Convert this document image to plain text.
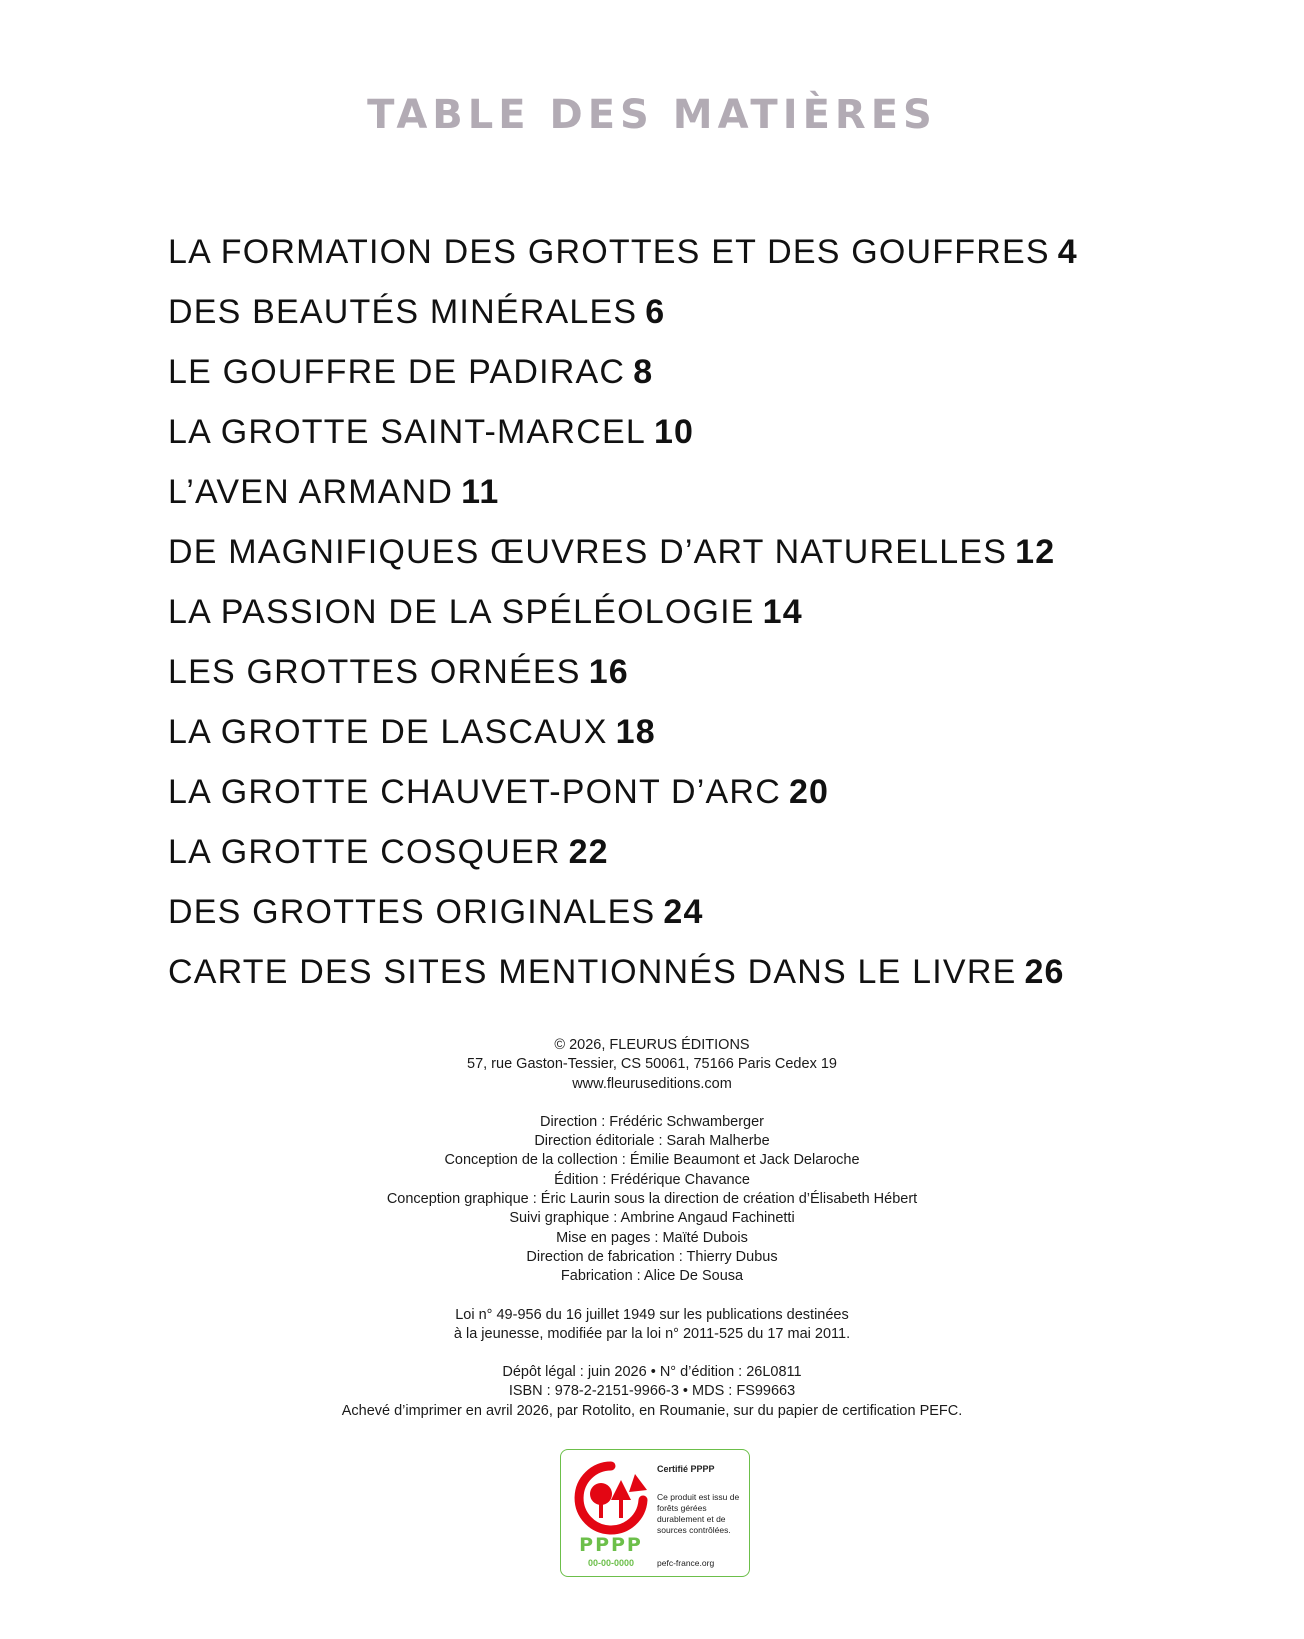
TABLE DES MATIÈRES
LA FORMATION DES GROTTES ET DES GOUFFRES 4
DES BEAUTÉS MINÉRALES 6
LE GOUFFRE DE PADIRAC 8
LA GROTTE SAINT-MARCEL 10
L’AVEN ARMAND 11
DE MAGNIFIQUES ŒUVRES D’ART NATURELLES 12
LA PASSION DE LA SPÉLÉOLOGIE 14
LES GROTTES ORNÉES 16
LA GROTTE DE LASCAUX 18
LA GROTTE CHAUVET-PONT D’ARC 20
LA GROTTE COSQUER 22
DES GROTTES ORIGINALES 24
CARTE DES SITES MENTIONNÉS DANS LE LIVRE 26

© 2026, FLEURUS ÉDITIONS
57, rue Gaston-Tessier, CS 50061, 75166 Paris Cedex 19
www.fleuruseditions.com

Direction : Frédéric Schwamberger
Direction éditoriale : Sarah Malherbe
Conception de la collection : Émilie Beaumont et Jack Delaroche
Édition : Frédérique Chavance
Conception graphique : Éric Laurin sous la direction de création d’Élisabeth Hébert
Suivi graphique : Ambrine Angaud Fachinetti
Mise en pages : Maïté Dubois
Direction de fabrication : Thierry Dubus
Fabrication : Alice De Sousa

Loi n° 49-956 du 16 juillet 1949 sur les publications destinées
à la jeunesse, modifiée par la loi n° 2011-525 du 17 mai 2011.

Dépôt légal : juin 2026 • N° d’édition : 26L0811
ISBN : 978-2-2151-9966-3 • MDS : FS99663
Achevé d’imprimer en avril 2026, par Rotolito, en Roumanie, sur du papier de certification PEFC.

PPPP
00-00-0000
Certifié PPPP
Ce produit est issu de forêts gérées durablement et de sources contrôlées.
pefc-france.org
